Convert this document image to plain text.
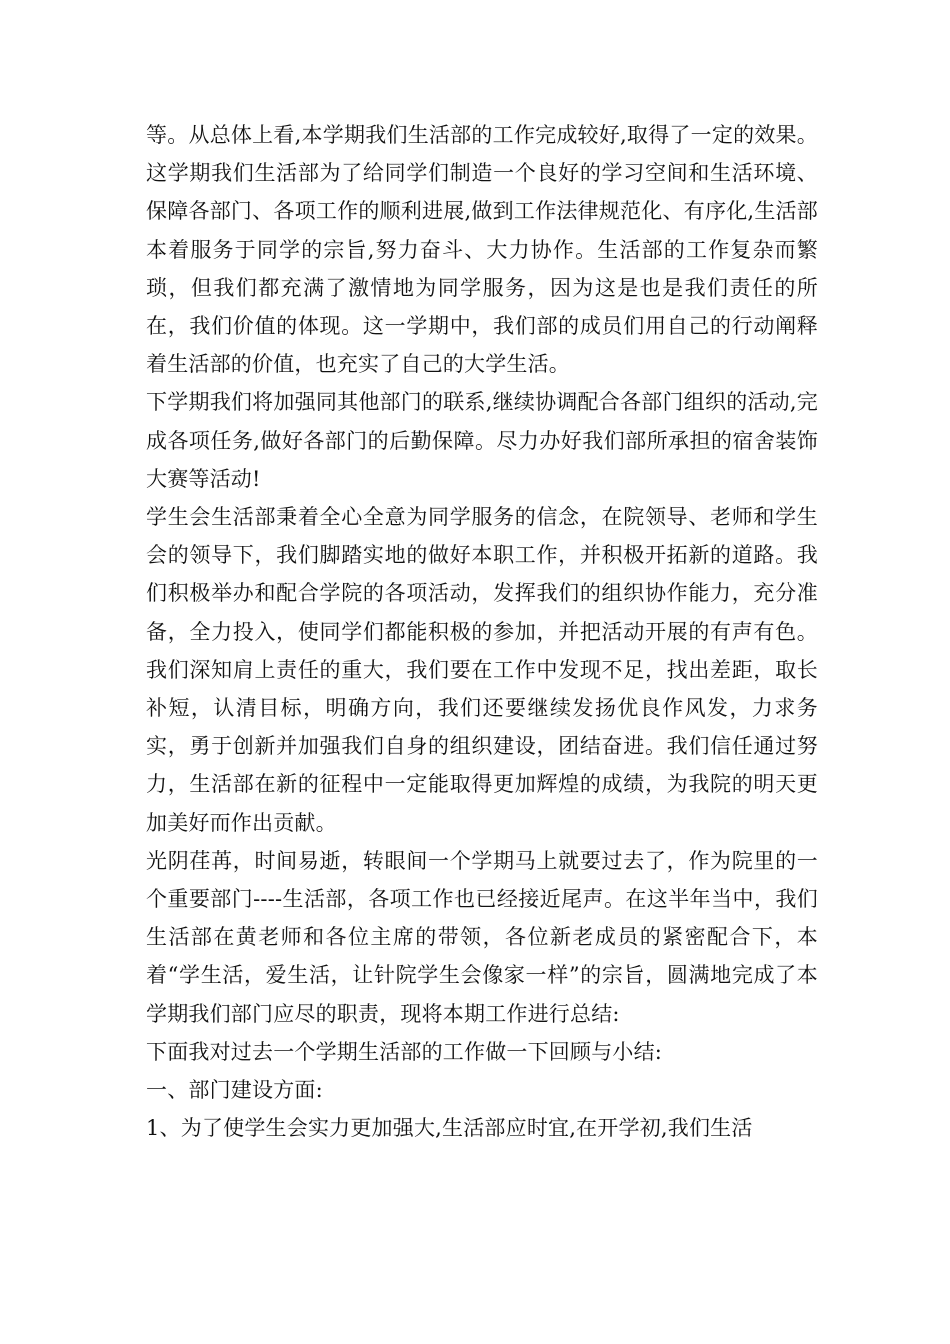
等。从总体上看,本学期我们生活部的工作完成较好,取得了一定的效果。这学期我们生活部为了给同学们制造一个良好的学习空间和生活环境、保障各部门、各项工作的顺利进展,做到工作法律规范化、有序化,生活部本着服务于同学的宗旨,努力奋斗、大力协作。生活部的工作复杂而繁琐，但我们都充满了激情地为同学服务，因为这是也是我们责任的所在，我们价值的体现。这一学期中，我们部的成员们用自己的行动阐释着生活部的价值，也充实了自己的大学生活。

下学期我们将加强同其他部门的联系,继续协调配合各部门组织的活动,完成各项任务,做好各部门的后勤保障。尽力办好我们部所承担的宿舍装饰大赛等活动!

学生会生活部秉着全心全意为同学服务的信念，在院领导、老师和学生会的领导下，我们脚踏实地的做好本职工作，并积极开拓新的道路。我们积极举办和配合学院的各项活动，发挥我们的组织协作能力，充分准备，全力投入，使同学们都能积极的参加，并把活动开展的有声有色。我们深知肩上责任的重大，我们要在工作中发现不足，找出差距，取长补短，认清目标，明确方向，我们还要继续发扬优良作风发，力求务实，勇于创新并加强我们自身的组织建设，团结奋进。我们信任通过努力，生活部在新的征程中一定能取得更加辉煌的成绩，为我院的明天更加美好而作出贡献。

光阴荏苒，时间易逝，转眼间一个学期马上就要过去了，作为院里的一个重要部门----生活部，各项工作也已经接近尾声。在这半年当中，我们生活部在黄老师和各位主席的带领，各位新老成员的紧密配合下，本着“学生活，爱生活，让针院学生会像家一样”的宗旨，圆满地完成了本学期我们部门应尽的职责，现将本期工作进行总结:

下面我对过去一个学期生活部的工作做一下回顾与小结:

一、部门建设方面:

1、为了使学生会实力更加强大,生活部应时宜,在开学初,我们生活
